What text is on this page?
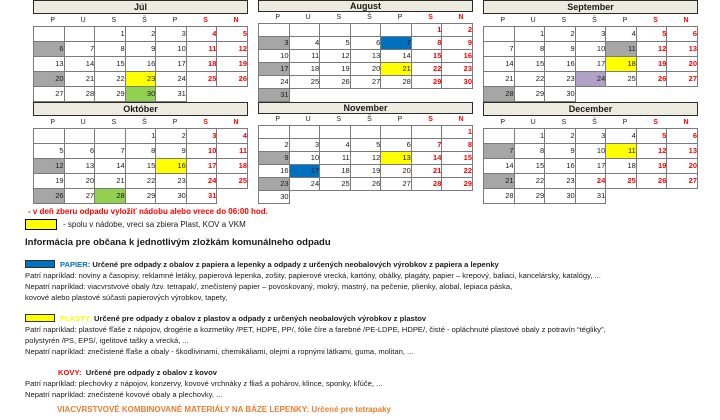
Júl						
P	U	S	Š	P	S	N
		1	2	3	4	5
6	7	8	9	10	11	12
13	14	15	16	17	18	19
20	21	22	23	24	25	26
27	28	29	30	31		
August						
P	U	S	Š	P	S	N
					1	2
3	4	5	6	7	8	9
10	11	12	13	14	15	16
17	18	19	20	21	22	23
24	25	26	27	28	29	30
31						
September						
P	U	S	Š	P	S	N
	1	2	3	4	5	6
7	8	9	10	11	12	13
14	15	16	17	18	19	20
21	22	23	24	25	26	27
28	29	30				
Október						
P	U	S	Š	P	S	N
			1	2	3	4
5	6	7	8	9	10	11
12	13	14	15	16	17	18
19	20	21	22	23	24	25
26	27	28	29	30	31	
November						
P	U	S	Š	P	S	N
						1
2	3	4	5	6	7	8
9	10	11	12	13	14	15
16	17	18	19	20	21	22
23	24	25	26	27	28	29
30						
December						
P	U	S	Š	P	S	N
	1	2	3	4	5	6
7	8	9	10	11	12	13
14	15	16	17	18	19	20
21	22	23	24	25	26	27
28	29	30	31			
- v deň zberu odpadu vyložiť nádobu alebo vrece do 06:00 hod.
- spolu v nádobe, vreci sa zbiera Plast, KOV a VKM
Informácia pre občana k jednotlivým zložkám komunálneho odpadu
PAPIER: Určené pre odpady z obalov z papiera a lepenky a odpady z určených neobalových výrobkov z papiera a lepenky
Patrí napríklad: noviny a časopisy, reklamné letáky, papierová lepenka, zošity, papierové vrecká, kartóny, obálky, plagáty, papier – krepový, baliaci, kancelársky, katalógy, ...
Nepatrí napríklad: viacvrstvové obaly /tzv. tetrapak/, znečistený papier – povoskovaný, mokrý, mastný, na pečenie, plienky, alobal, lepiaca páska,
kovové alebo plastové súčasti papierových výrobkov, tapety,
PLASTY: Určené pre odpady z obalov z plastov a odpady z určených neobalových výrobkov z plastov
Patrí napríklad: plastové fľaše z nápojov, drogérie a kozmetiky /PET, HDPE, PP/, fólie číre a farebné /PE-LDPE, HDPE/, čisté - opláchnuté plastové obaly z potravín “tégliky”,
polystyrén /PS, EPS/, igelitové tašky a vrecká, ...
Nepatrí napríklad: znečistené fľaše a obaly - škodlivinami, chemikáliami, olejmi a ropnými látkami, guma, molitan, ...
KOVY: Určené pre odpady z obalov z kovov
Patrí napríklad: plechovky z nápojov, konzervy, kovové vrchnáky z fliaš a pohárov, klince, sponky, kľúče, ...
Nepatrí napríklad: znečistené kovové obaly a plechovky, ...
VIACVRSTVOVÉ KOMBINOVANÉ MATERIÁLY NA BÁZE LEPENKY: Určené pre tetrapaky
